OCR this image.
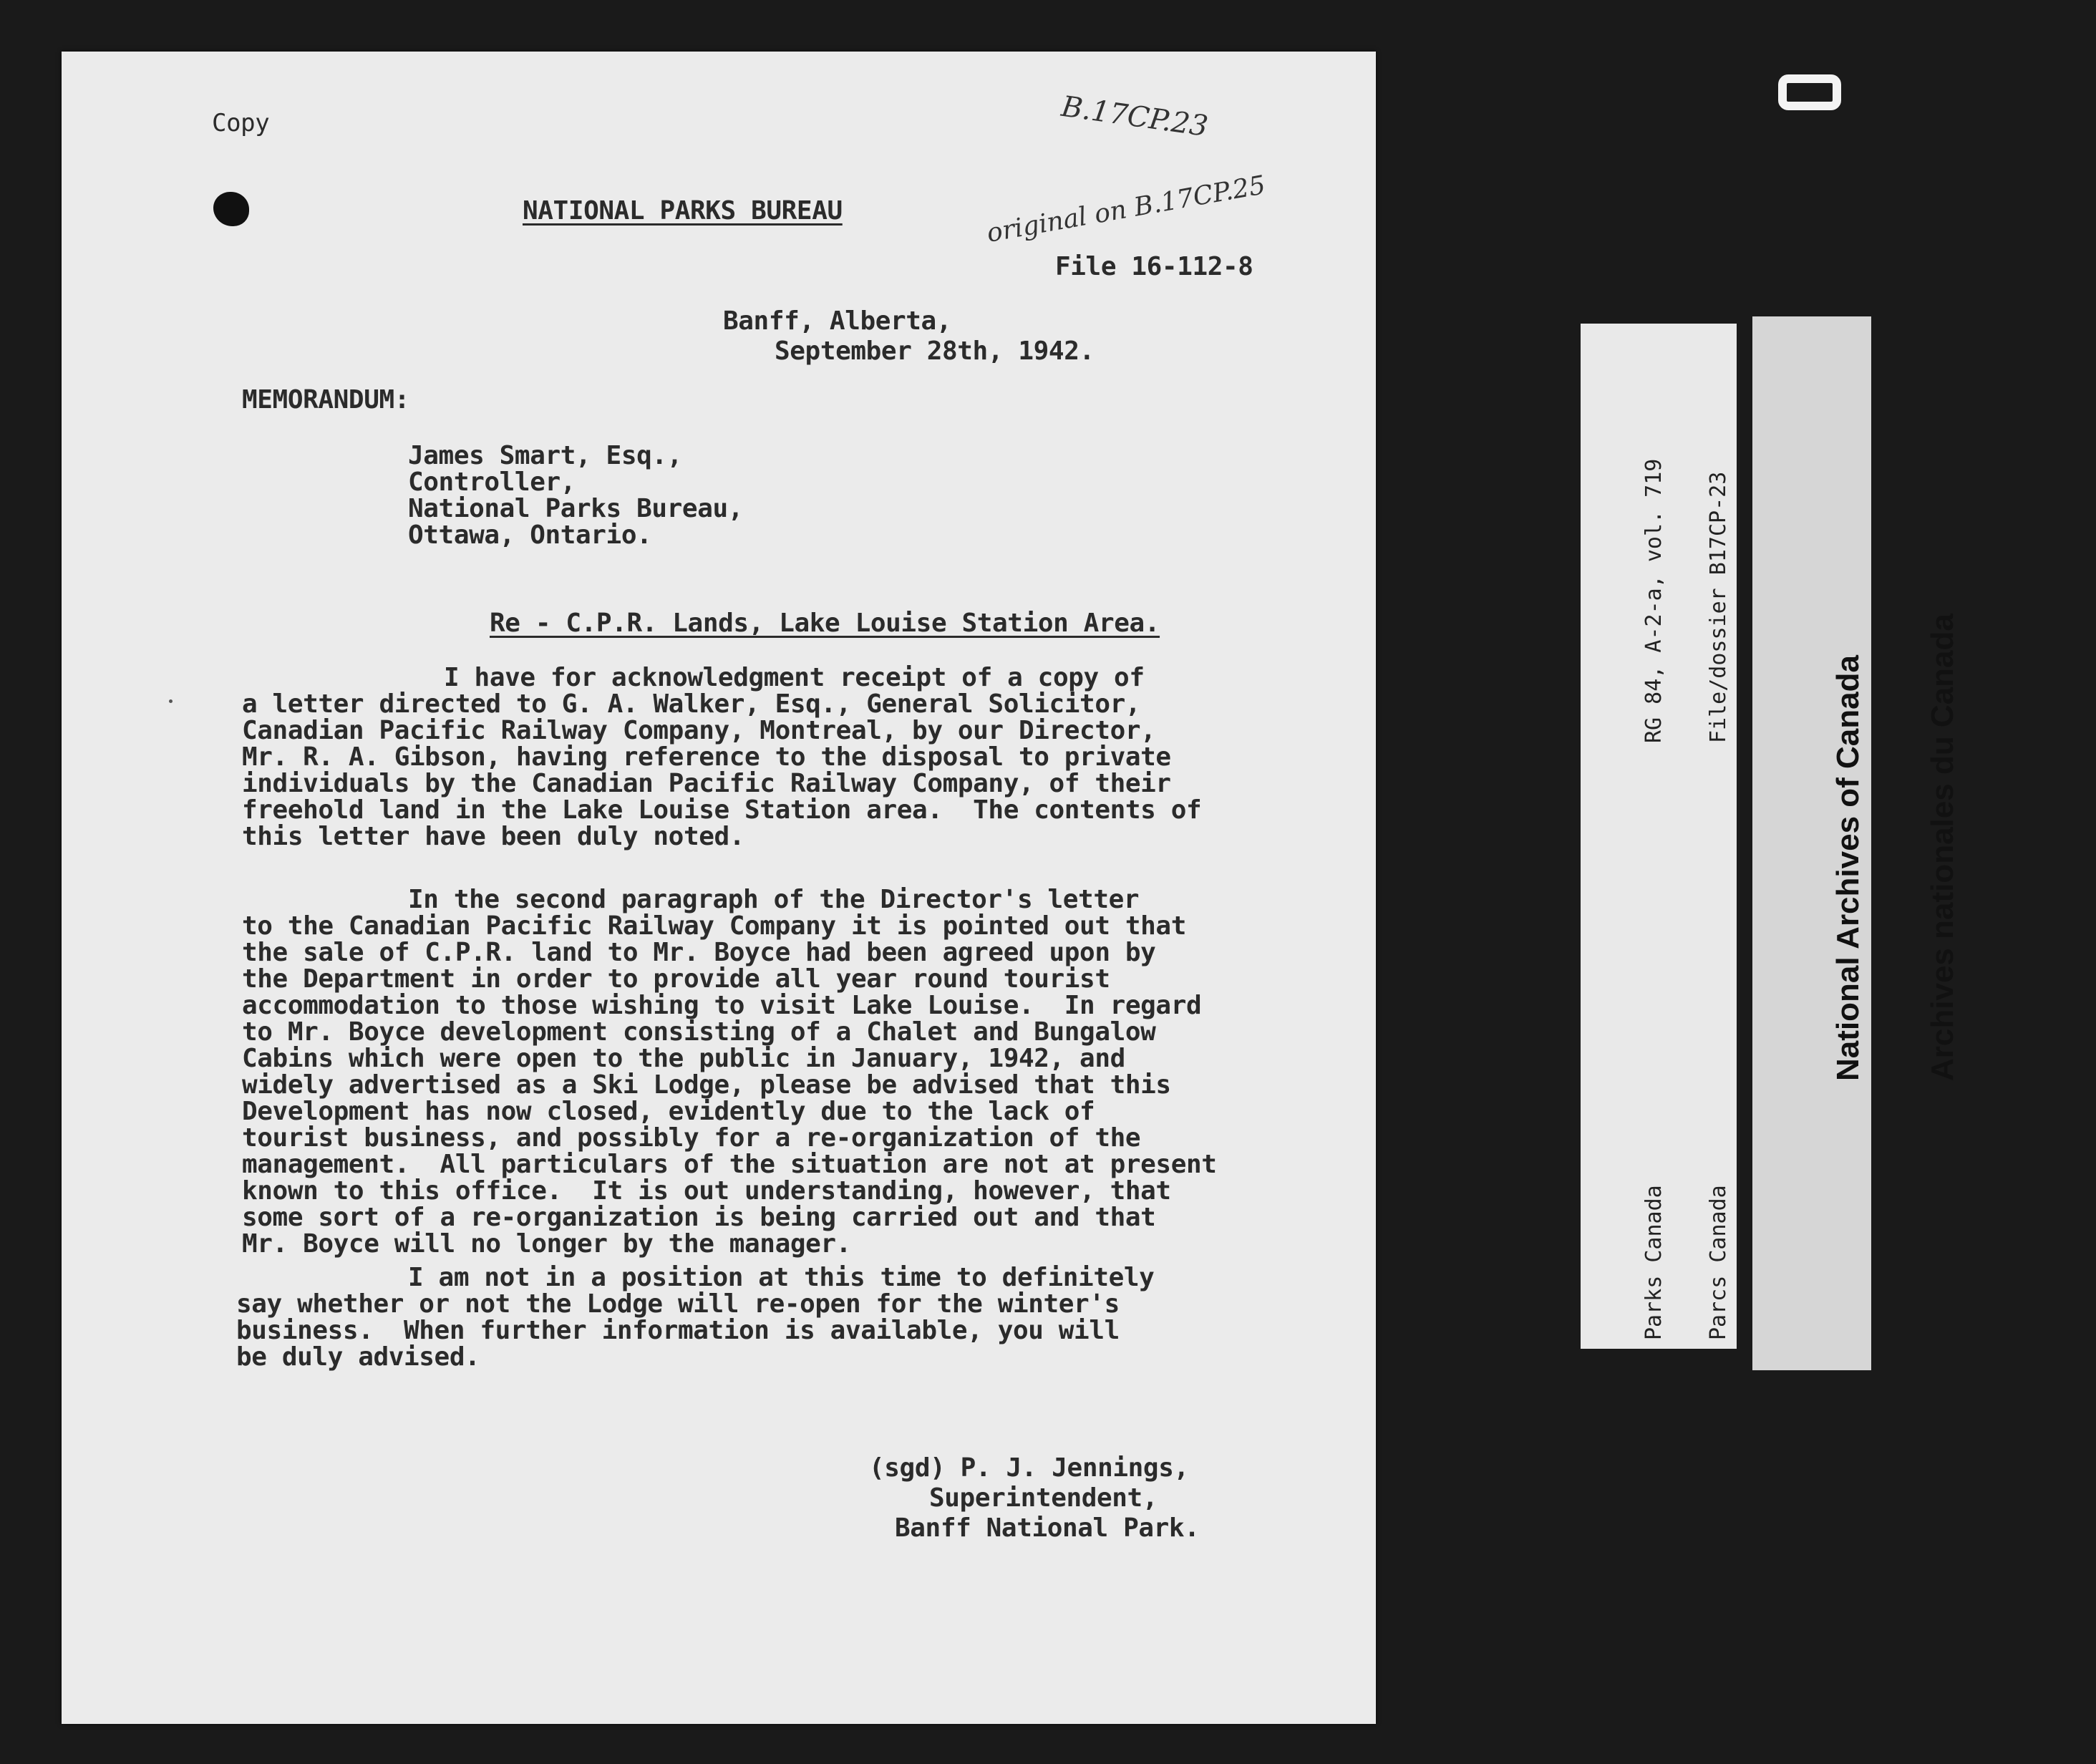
Copy	B.17CP.23
original on B.17CP.25
NATIONAL PARKS BUREAU
File 16-112-8
Banff, Alberta,
September 28th, 1942.
MEMORANDUM:
James Smart, Esq.,
Controller,
National Parks Bureau,
Ottawa, Ontario.
Re - C.P.R. Lands, Lake Louise Station Area.
I have for acknowledgment receipt of a copy of
a letter directed to G. A. Walker, Esq., General Solicitor,
Canadian Pacific Railway Company, Montreal, by our Director,
Mr. R. A. Gibson, having reference to the disposal to private
individuals by the Canadian Pacific Railway Company, of their
freehold land in the Lake Louise Station area.  The contents of
this letter have been duly noted.
In the second paragraph of the Director's letter
to the Canadian Pacific Railway Company it is pointed out that
the sale of C.P.R. land to Mr. Boyce had been agreed upon by
the Department in order to provide all year round tourist
accommodation to those wishing to visit Lake Louise.  In regard
to Mr. Boyce development consisting of a Chalet and Bungalow
Cabins which were open to the public in January, 1942, and
widely advertised as a Ski Lodge, please be advised that this
Development has now closed, evidently due to the lack of
tourist business, and possibly for a re-organization of the
management.  All particulars of the situation are not at present
known to this office.  It is out understanding, however, that
some sort of a re-organization is being carried out and that
Mr. Boyce will no longer by the manager.
I am not in a position at this time to definitely
say whether or not the Lodge will re-open for the winter's
business.  When further information is available, you will
be duly advised.
(sgd) P. J. Jennings,
Superintendent,
Banff National Park.

RG 84, A-2-a, vol. 719

File/dossier B17CP-23

Parks Canada

Parcs Canada

National Archives of Canada

Archives nationales du Canada
